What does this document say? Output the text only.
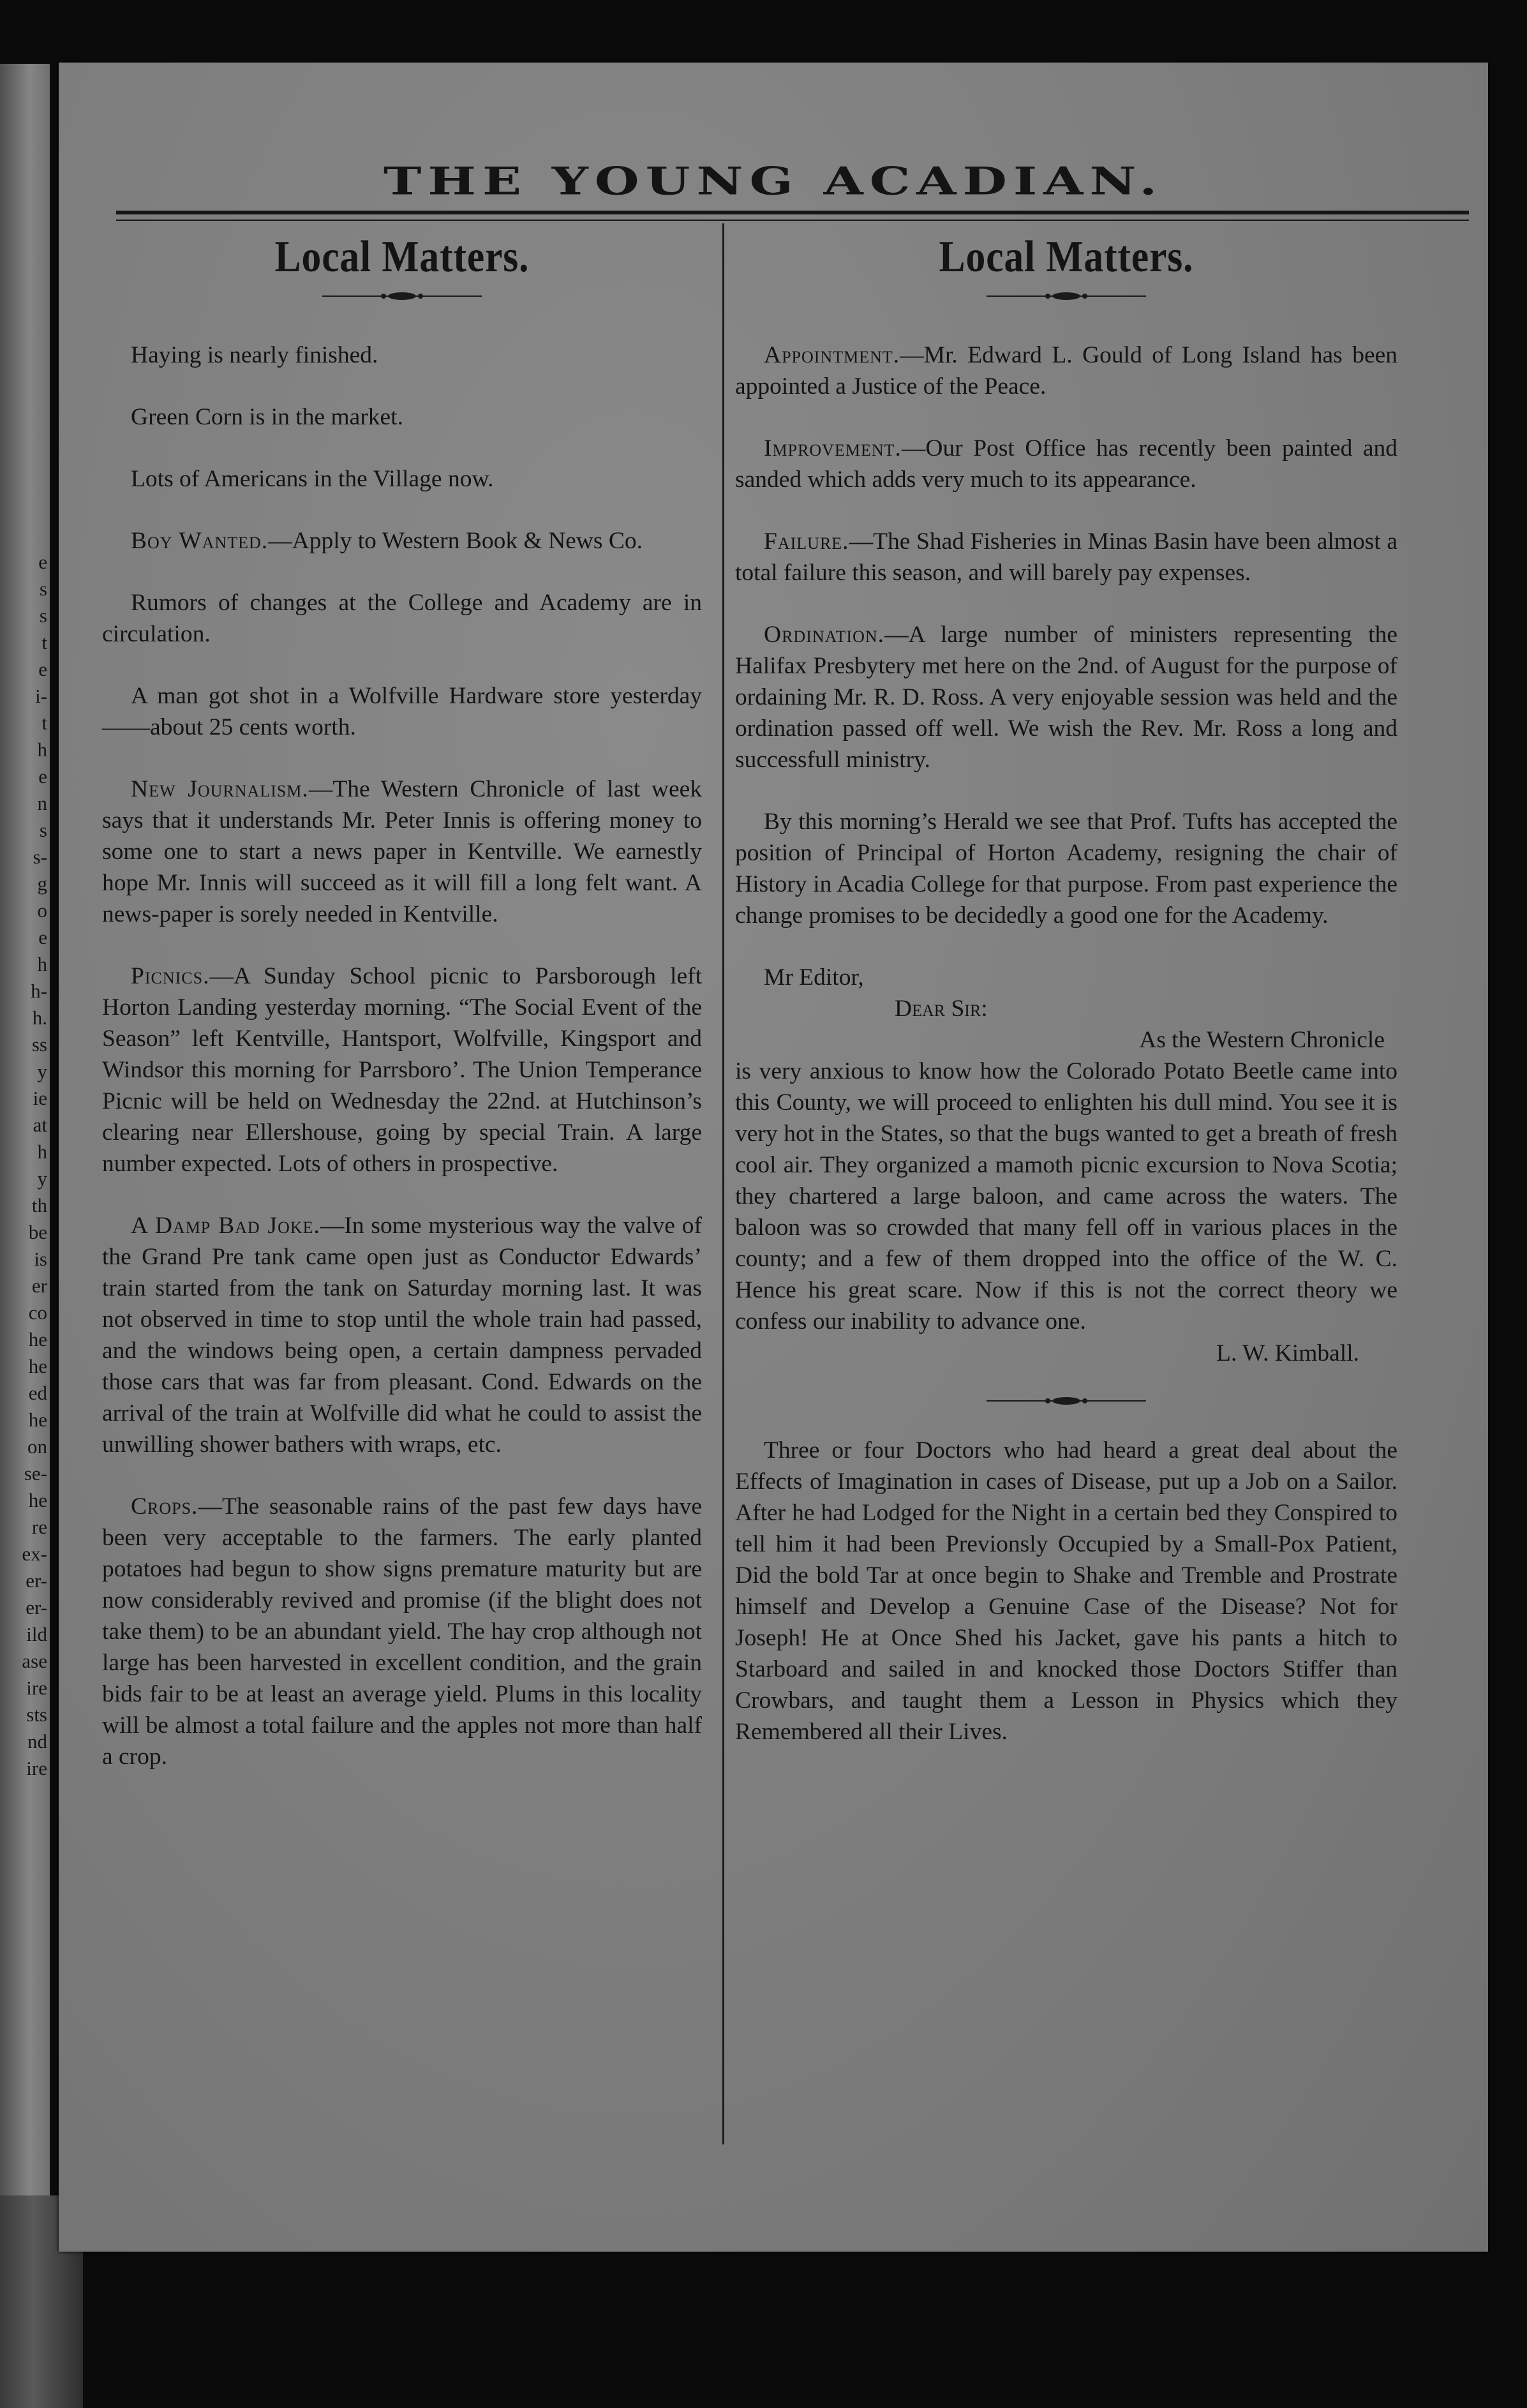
e
s
s
t
e
i-
t
h
e
n
s
s-
g
o
e
h
h-
h.
ss
y
ie
at
h
y
th
be
is
er
co
he
he
ed
he
on
se-
he
re
ex-
er-
er-
ild
ase
ire
sts
nd
ire
THE YOUNG ACADIAN.
Local Matters.

Haying is nearly finished.

Green Corn is in the market.

Lots of Americans in the Village now.

Boy Wanted.—Apply to Western Book & News Co.

Rumors of changes at the College and Academy are in circulation.

A man got shot in a Wolfville Hardware store yesterday——about 25 cents worth.

New Journalism.—The Western Chronicle of last week says that it understands Mr. Peter Innis is offering money to some one to start a news paper in Kentville. We earnestly hope Mr. Innis will succeed as it will fill a long felt want. A news-paper is sorely needed in Kentville.

Picnics.—A Sunday School picnic to Parsborough left Horton Landing yesterday morning. “The Social Event of the Season” left Kentville, Hantsport, Wolfville, Kingsport and Windsor this morning for Parrsboro’. The Union Temperance Picnic will be held on Wednesday the 22nd. at Hutchinson’s clearing near Ellershouse, going by special Train. A large number expected. Lots of others in prospective.

A Damp Bad Joke.—In some mysterious way the valve of the Grand Pre tank came open just as Conductor Edwards’ train started from the tank on Saturday morning last. It was not observed in time to stop until the whole train had passed, and the windows being open, a certain dampness pervaded those cars that was far from pleasant. Cond. Edwards on the arrival of the train at Wolfville did what he could to assist the unwilling shower bathers with wraps, etc.

Crops.—The seasonable rains of the past few days have been very acceptable to the farmers. The early planted potatoes had begun to show signs premature maturity but are now considerably revived and promise (if the blight does not take them) to be an abundant yield. The hay crop although not large has been harvested in excellent condition, and the grain bids fair to be at least an average yield. Plums in this locality will be almost a total failure and the apples not more than half a crop.

Local Matters.

Appointment.—Mr. Edward L. Gould of Long Island has been appointed a Justice of the Peace.

Improvement.—Our Post Office has recently been painted and sanded which adds very much to its appearance.

Failure.—The Shad Fisheries in Minas Basin have been almost a total failure this season, and will barely pay expenses.

Ordination.—A large number of ministers representing the Halifax Presbytery met here on the 2nd. of August for the purpose of ordaining Mr. R. D. Ross. A very enjoyable session was held and the ordination passed off well. We wish the Rev. Mr. Ross a long and successfull ministry.

By this morning’s Herald we see that Prof. Tufts has accepted the position of Principal of Horton Academy, resigning the chair of History in Acadia College for that purpose. From past experience the change promises to be decidedly a good one for the Academy.

Mr Editor,

Dear Sir:

As the Western Chronicle

is very anxious to know how the Colorado Potato Beetle came into this County, we will proceed to enlighten his dull mind. You see it is very hot in the States, so that the bugs wanted to get a breath of fresh cool air. They organized a mamoth picnic excursion to Nova Scotia; they chartered a large baloon, and came across the waters. The baloon was so crowded that many fell off in various places in the county; and a few of them dropped into the office of the W. C. Hence his great scare. Now if this is not the correct theory we confess our inability to advance one.

L. W. Kimball.

Three or four Doctors who had heard a great deal about the Effects of Imagination in cases of Disease, put up a Job on a Sailor. After he had Lodged for the Night in a certain bed they Conspired to tell him it had been Previonsly Occupied by a Small-Pox Patient, Did the bold Tar at once begin to Shake and Tremble and Prostrate himself and Develop a Genuine Case of the Disease? Not for Joseph! He at Once Shed his Jacket, gave his pants a hitch to Starboard and sailed in and knocked those Doctors Stiffer than Crowbars, and taught them a Lesson in Physics which they Remembered all their Lives.
